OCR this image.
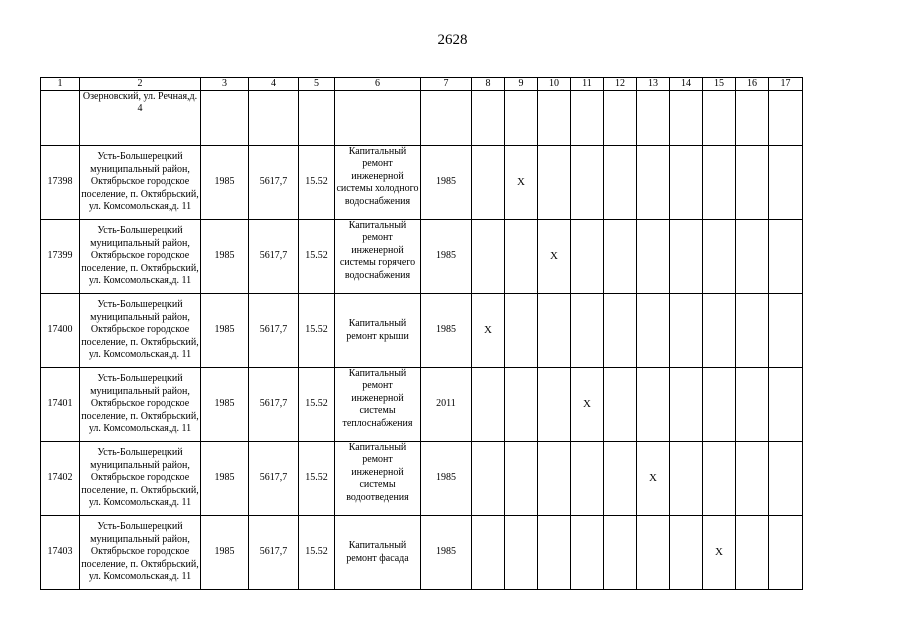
2628
1	2	3	4	5	6	7	8	9	10	11	12	13	14	15	16	17
	Озерновский, ул. Речная,д. 4															
17398	Усть-Большерецкий муниципальный район, Октябрьское городское поселение, п. Октябрьский, ул. Комсомольская,д. 11	1985	5617,7	15.52	Капитальный ремонт инженерной системы холодного водоснабжения	1985		X								
17399	Усть-Большерецкий муниципальный район, Октябрьское городское поселение, п. Октябрьский, ул. Комсомольская,д. 11	1985	5617,7	15.52	Капитальный ремонт инженерной системы горячего водоснабжения	1985			X							
17400	Усть-Большерецкий муниципальный район, Октябрьское городское поселение, п. Октябрьский, ул. Комсомольская,д. 11	1985	5617,7	15.52	Капитальный ремонт крыши	1985	X									
17401	Усть-Большерецкий муниципальный район, Октябрьское городское поселение, п. Октябрьский, ул. Комсомольская,д. 11	1985	5617,7	15.52	Капитальный ремонт инженерной системы теплоснабжения	2011				X						
17402	Усть-Большерецкий муниципальный район, Октябрьское городское поселение, п. Октябрьский, ул. Комсомольская,д. 11	1985	5617,7	15.52	Капитальный ремонт инженерной системы водоотведения	1985						X				
17403	Усть-Большерецкий муниципальный район, Октябрьское городское поселение, п. Октябрьский, ул. Комсомольская,д. 11	1985	5617,7	15.52	Капитальный ремонт фасада	1985								X		
